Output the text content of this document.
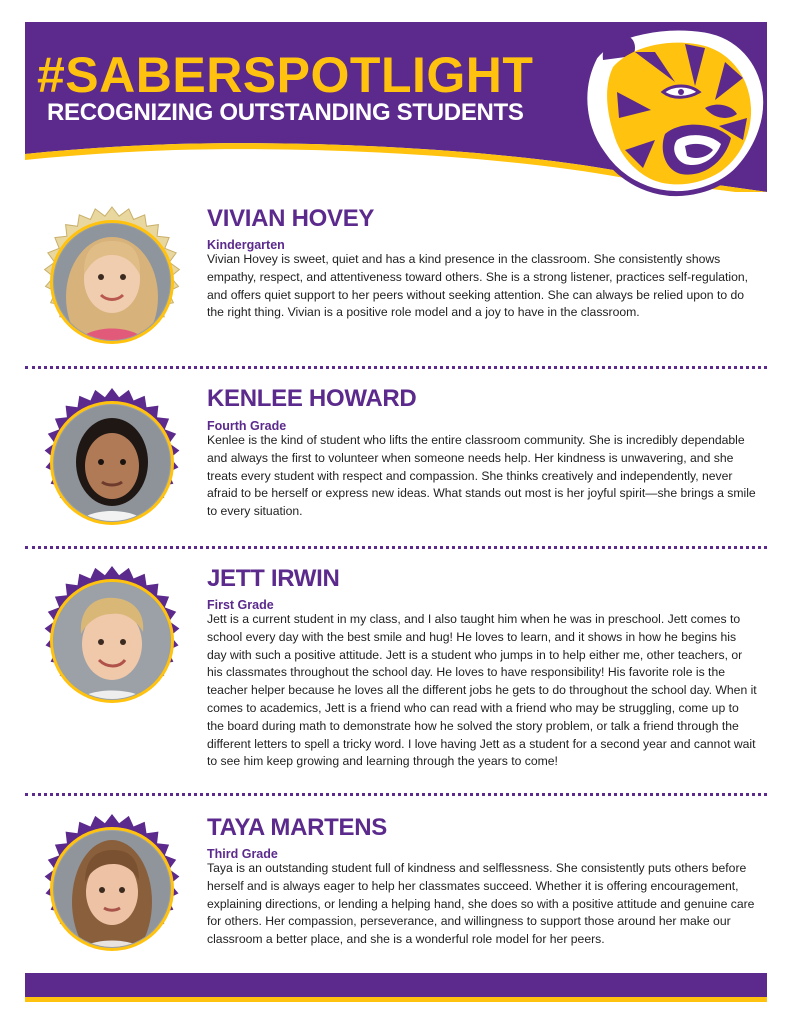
#SABERSPOTLIGHT
RECOGNIZING OUTSTANDING STUDENTS
VIVIAN HOVEY
Kindergarten
Vivian Hovey is sweet, quiet and has a kind presence in the classroom. She consistently shows empathy, respect, and attentiveness toward others. She is a strong listener, practices self-regulation, and offers quiet support to her peers without seeking attention. She can always be relied upon to do the right thing. Vivian is a positive role model and a joy to have in the classroom.
KENLEE HOWARD
Fourth Grade
Kenlee is the kind of student who lifts the entire classroom community. She is incredibly dependable and always the first to volunteer when someone needs help. Her kindness is unwavering, and she treats every student with respect and compassion. She thinks creatively and independently, never afraid to be herself or express new ideas. What stands out most is her joyful spirit—she brings a smile to every situation.
JETT IRWIN
First Grade
Jett is a current student in my class, and I also taught him when he was in preschool. Jett comes to school every day with the best smile and hug! He loves to learn, and it shows in how he begins his day with such a positive attitude. Jett is a student who jumps in to help either me, other teachers, or his classmates throughout the school day. He loves to have responsibility! His favorite role is the teacher helper because he loves all the different jobs he gets to do throughout the school day. When it comes to academics, Jett is a friend who can read with a friend who may be struggling, come up to the board during math to demonstrate how he solved the story problem, or talk a friend through the different letters to spell a tricky word. I love having Jett as a student for a second year and cannot wait to see him keep growing and learning through the years to come!
TAYA MARTENS
Third Grade
Taya is an outstanding student full of kindness and selflessness. She consistently puts others before herself and is always eager to help her classmates succeed. Whether it is offering encouragement, explaining directions, or lending a helping hand, she does so with a positive attitude and genuine care for others. Her compassion, perseverance, and willingness to support those around her make our classroom a better place, and she is a wonderful role model for her peers.
